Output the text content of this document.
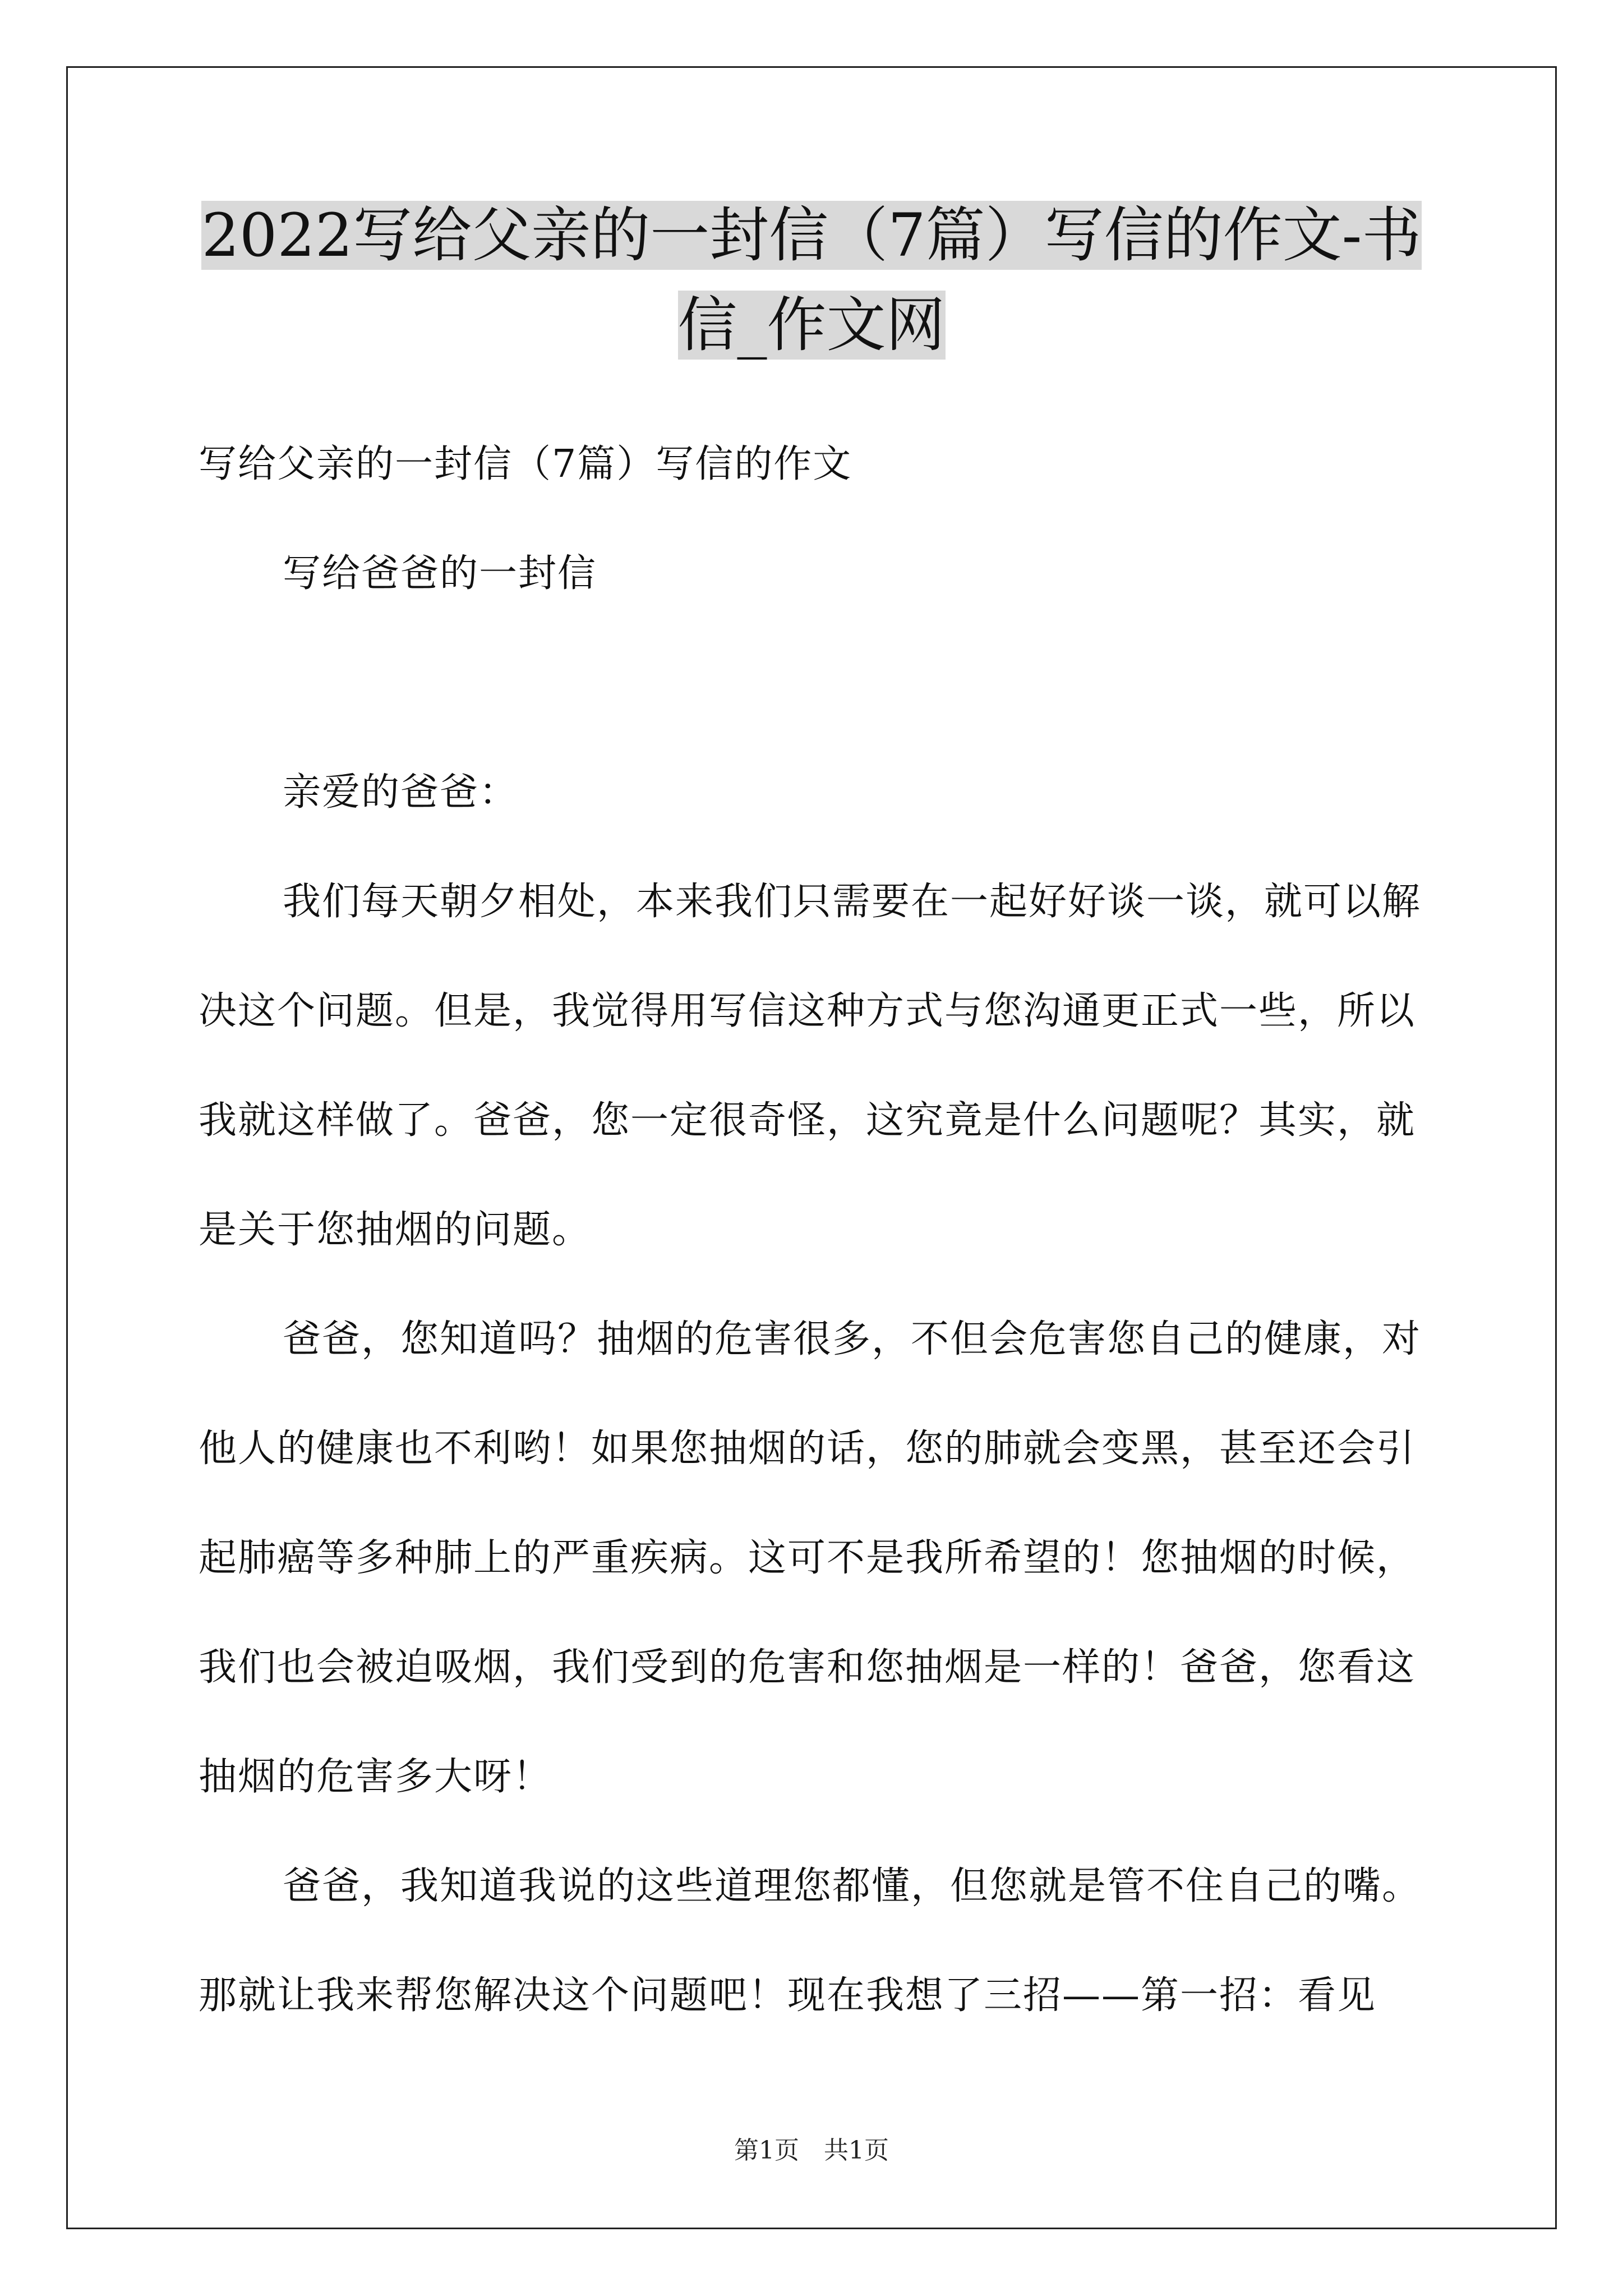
2022写给父亲的一封信（7篇）写信的作文-书信_作文网

写给父亲的一封信（7篇）写信的作文

写给爸爸的一封信

亲爱的爸爸：

我们每天朝夕相处，本来我们只需要在一起好好谈一谈，就可以解决这个问题。但是，我觉得用写信这种方式与您沟通更正式一些，所以我就这样做了。爸爸，您一定很奇怪，这究竟是什么问题呢？其实，就是关于您抽烟的问题。

爸爸，您知道吗？抽烟的危害很多，不但会危害您自己的健康，对他人的健康也不利哟！如果您抽烟的话，您的肺就会变黑，甚至还会引起肺癌等多种肺上的严重疾病。这可不是我所希望的！您抽烟的时候，我们也会被迫吸烟，我们受到的危害和您抽烟是一样的！爸爸，您看这抽烟的危害多大呀！

爸爸，我知道我说的这些道理您都懂，但您就是管不住自己的嘴。那就让我来帮您解决这个问题吧！现在我想了三招——第一招：看见

第1页　共1页
